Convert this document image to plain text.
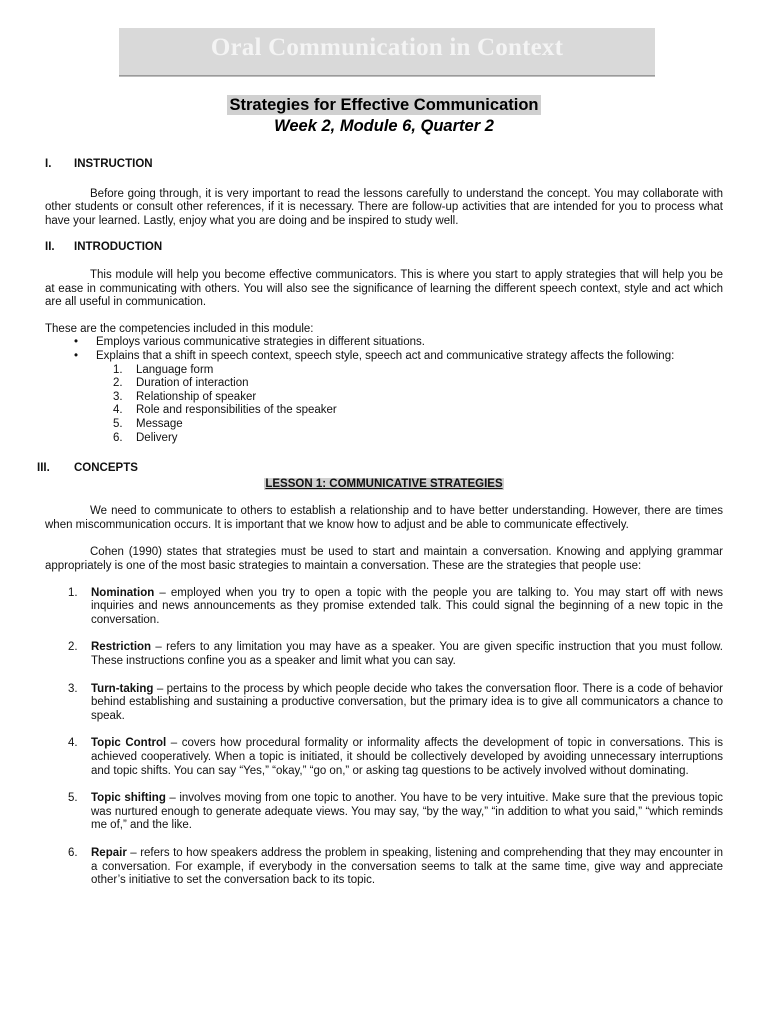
Oral Communication in Context
Strategies for Effective Communication
Week 2, Module 6, Quarter 2
I.	INSTRUCTION

Before going through, it is very important to read the lessons carefully to understand the concept. You may collaborate with other students or consult other references, if it is necessary. There are follow-up activities that are intended for you to process what have your learned. Lastly, enjoy what you are doing and be inspired to study well.

II.	INTRODUCTION

This module will help you become effective communicators. This is where you start to apply strategies that will help you be at ease in communicating with others. You will also see the significance of learning the different speech context, style and act which are all useful in communication.

These are the competencies included in this module:

• Employs various communicative strategies in different situations.
• Explains that a shift in speech context, speech style, speech act and communicative strategy affects the following:
1. Language form
2. Duration of interaction
3. Relationship of speaker
4. Role and responsibilities of the speaker
5. Message
6. Delivery
III.	CONCEPTS
LESSON 1: COMMUNICATIVE STRATEGIES

We need to communicate to others to establish a relationship and to have better understanding. However, there are times when miscommunication occurs. It is important that we know how to adjust and be able to communicate effectively.

Cohen (1990) states that strategies must be used to start and maintain a conversation. Knowing and applying grammar appropriately is one of the most basic strategies to maintain a conversation. These are the strategies that people use:

1. Nomination – employed when you try to open a topic with the people you are talking to. You may start off with news inquiries and news announcements as they promise extended talk. This could signal the beginning of a new topic in the conversation.
2. Restriction – refers to any limitation you may have as a speaker. You are given specific instruction that you must follow. These instructions confine you as a speaker and limit what you can say.
3. Turn-taking – pertains to the process by which people decide who takes the conversation floor. There is a code of behavior behind establishing and sustaining a productive conversation, but the primary idea is to give all communicators a chance to speak.
4. Topic Control – covers how procedural formality or informality affects the development of topic in conversations. This is achieved cooperatively. When a topic is initiated, it should be collectively developed by avoiding unnecessary interruptions and topic shifts. You can say “Yes,” “okay,” “go on,” or asking tag questions to be actively involved without dominating.
5. Topic shifting – involves moving from one topic to another. You have to be very intuitive. Make sure that the previous topic was nurtured enough to generate adequate views. You may say, “by the way,” “in addition to what you said,” “which reminds me of,” and the like.
6. Repair – refers to how speakers address the problem in speaking, listening and comprehending that they may encounter in a conversation. For example, if everybody in the conversation seems to talk at the same time, give way and appreciate other’s initiative to set the conversation back to its topic.
